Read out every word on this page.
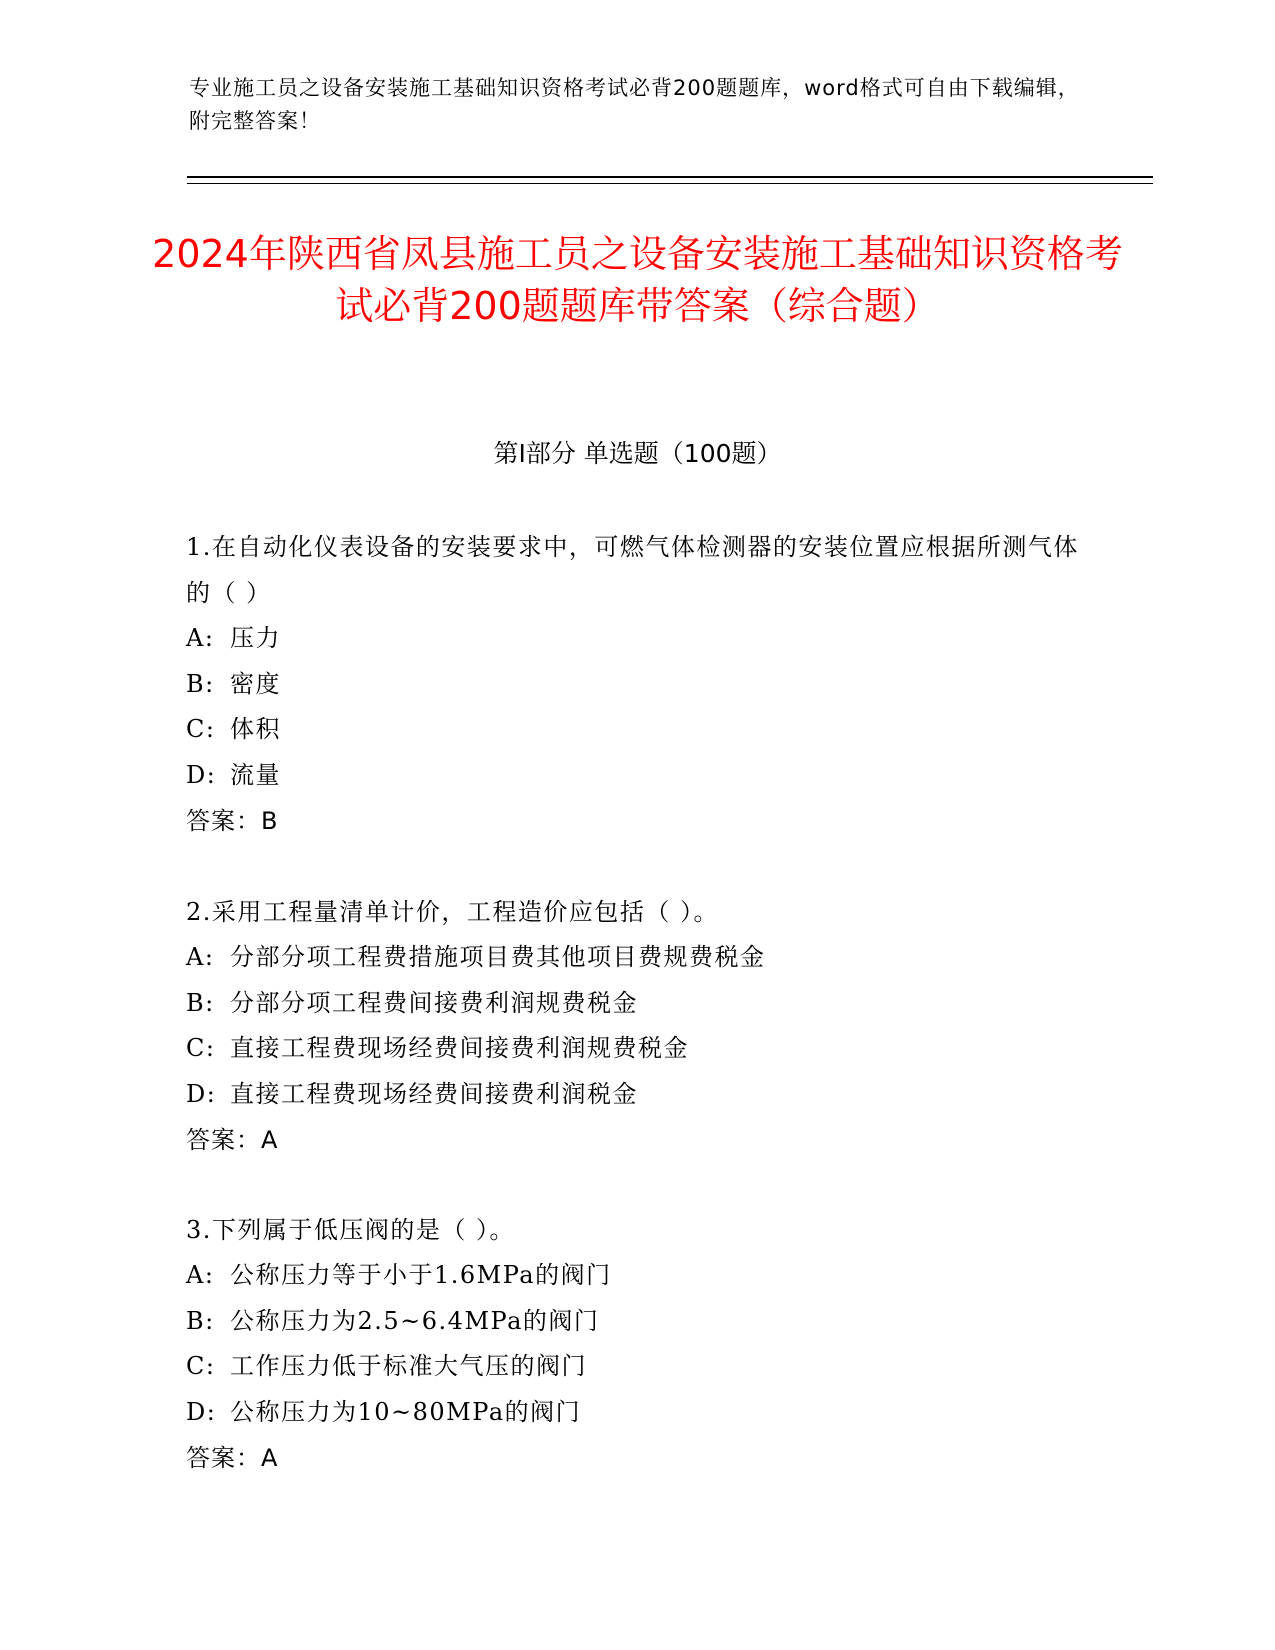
专业施工员之设备安装施工基础知识资格考试必背200题题库，word格式可自由下载编辑，附完整答案！
2024年陕西省凤县施工员之设备安装施工基础知识资格考试必背200题题库带答案（综合题）
第I部分 单选题（100题）

1.在自动化仪表设备的安装要求中，可燃气体检测器的安装位置应根据所测气体的（ ）

A: 压力

B: 密度

C: 体积

D: 流量

答案：B

2.采用工程量清单计价，工程造价应包括（ ）。

A: 分部分项工程费措施项目费其他项目费规费税金

B: 分部分项工程费间接费利润规费税金

C: 直接工程费现场经费间接费利润规费税金

D: 直接工程费现场经费间接费利润税金

答案：A

3.下列属于低压阀的是（ ）。

A: 公称压力等于小于1.6MPa的阀门

B: 公称压力为2.5~6.4MPa的阀门

C: 工作压力低于标准大气压的阀门

D: 公称压力为10~80MPa的阀门

答案：A
